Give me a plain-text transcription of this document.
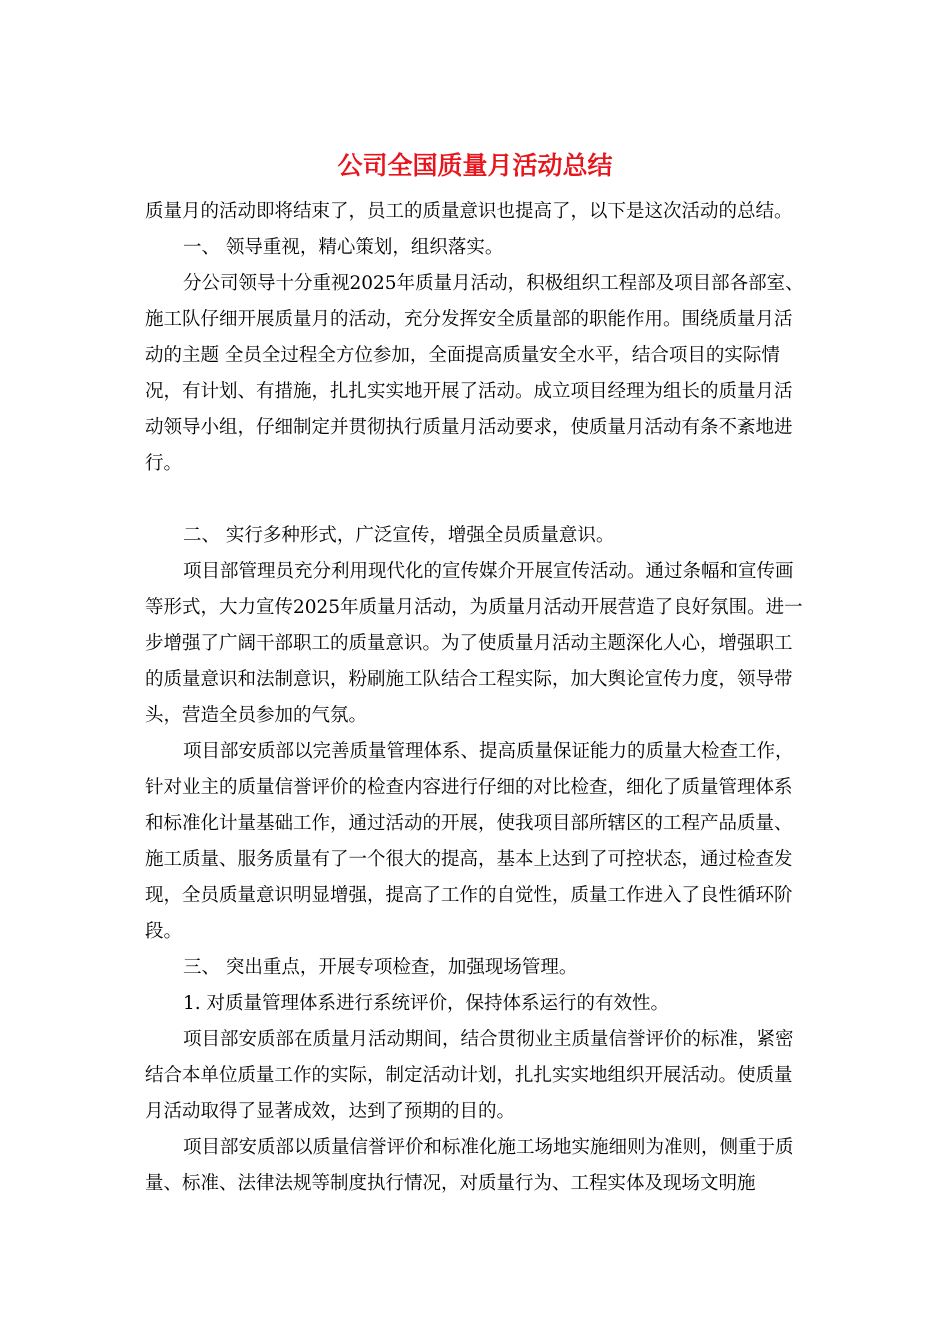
公司全国质量月活动总结

质量月的活动即将结束了，员工的质量意识也提高了，以下是这次活动的总结。

一、 领导重视，精心策划，组织落实。

分公司领导十分重视2025年质量月活动，积极组织工程部及项目部各部室、施工队仔细开展质量月的活动，充分发挥安全质量部的职能作用。围绕质量月活动的主题 全员全过程全方位参加，全面提高质量安全水平，结合项目的实际情况，有计划、有措施，扎扎实实地开展了活动。成立项目经理为组长的质量月活动领导小组，仔细制定并贯彻执行质量月活动要求，使质量月活动有条不紊地进行。

二、 实行多种形式，广泛宣传，增强全员质量意识。

项目部管理员充分利用现代化的宣传媒介开展宣传活动。通过条幅和宣传画等形式，大力宣传2025年质量月活动，为质量月活动开展营造了良好氛围。进一步增强了广阔干部职工的质量意识。为了使质量月活动主题深化人心，增强职工的质量意识和法制意识，粉刷施工队结合工程实际，加大舆论宣传力度，领导带头，营造全员参加的气氛。

项目部安质部以完善质量管理体系、提高质量保证能力的质量大检查工作，针对业主的质量信誉评价的检查内容进行仔细的对比检查，细化了质量管理体系和标准化计量基础工作，通过活动的开展，使我项目部所辖区的工程产品质量、施工质量、服务质量有了一个很大的提高，基本上达到了可控状态，通过检查发现，全员质量意识明显增强，提高了工作的自觉性，质量工作进入了良性循环阶段。

三、 突出重点，开展专项检查，加强现场管理。

1. 对质量管理体系进行系统评价，保持体系运行的有效性。

项目部安质部在质量月活动期间，结合贯彻业主质量信誉评价的标准，紧密结合本单位质量工作的实际，制定活动计划，扎扎实实地组织开展活动。使质量月活动取得了显著成效，达到了预期的目的。

项目部安质部以质量信誉评价和标准化施工场地实施细则为准则，侧重于质量、标准、法律法规等制度执行情况，对质量行为、工程实体及现场文明施
